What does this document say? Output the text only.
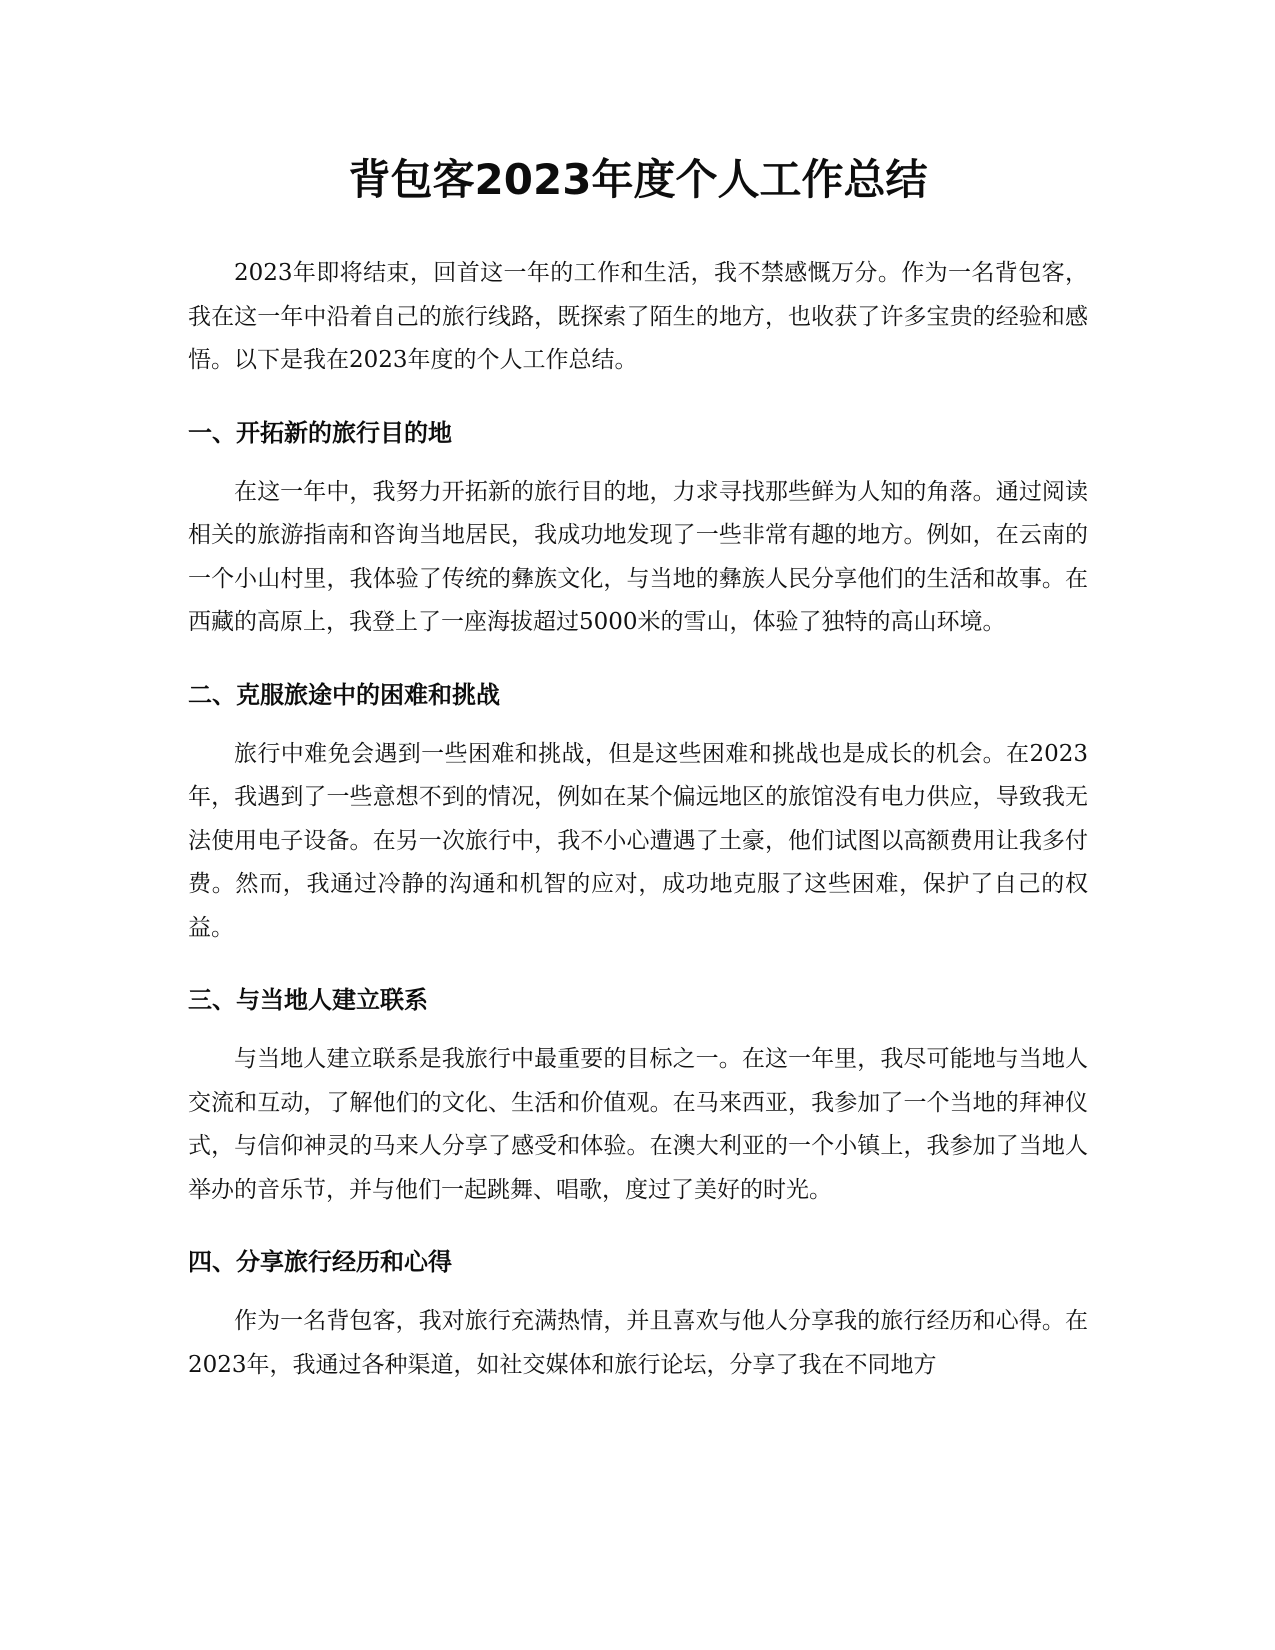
背包客2023年度个人工作总结

2023年即将结束，回首这一年的工作和生活，我不禁感慨万分。作为一名背包客，我在这一年中沿着自己的旅行线路，既探索了陌生的地方，也收获了许多宝贵的经验和感悟。以下是我在2023年度的个人工作总结。

一、开拓新的旅行目的地

在这一年中，我努力开拓新的旅行目的地，力求寻找那些鲜为人知的角落。通过阅读相关的旅游指南和咨询当地居民，我成功地发现了一些非常有趣的地方。例如，在云南的一个小山村里，我体验了传统的彝族文化，与当地的彝族人民分享他们的生活和故事。在西藏的高原上，我登上了一座海拔超过5000米的雪山，体验了独特的高山环境。

二、克服旅途中的困难和挑战

旅行中难免会遇到一些困难和挑战，但是这些困难和挑战也是成长的机会。在2023年，我遇到了一些意想不到的情况，例如在某个偏远地区的旅馆没有电力供应，导致我无法使用电子设备。在另一次旅行中，我不小心遭遇了土豪，他们试图以高额费用让我多付费。然而，我通过冷静的沟通和机智的应对，成功地克服了这些困难，保护了自己的权益。

三、与当地人建立联系

与当地人建立联系是我旅行中最重要的目标之一。在这一年里，我尽可能地与当地人交流和互动，了解他们的文化、生活和价值观。在马来西亚，我参加了一个当地的拜神仪式，与信仰神灵的马来人分享了感受和体验。在澳大利亚的一个小镇上，我参加了当地人举办的音乐节，并与他们一起跳舞、唱歌，度过了美好的时光。

四、分享旅行经历和心得

作为一名背包客，我对旅行充满热情，并且喜欢与他人分享我的旅行经历和心得。在2023年，我通过各种渠道，如社交媒体和旅行论坛，分享了我在不同地方
